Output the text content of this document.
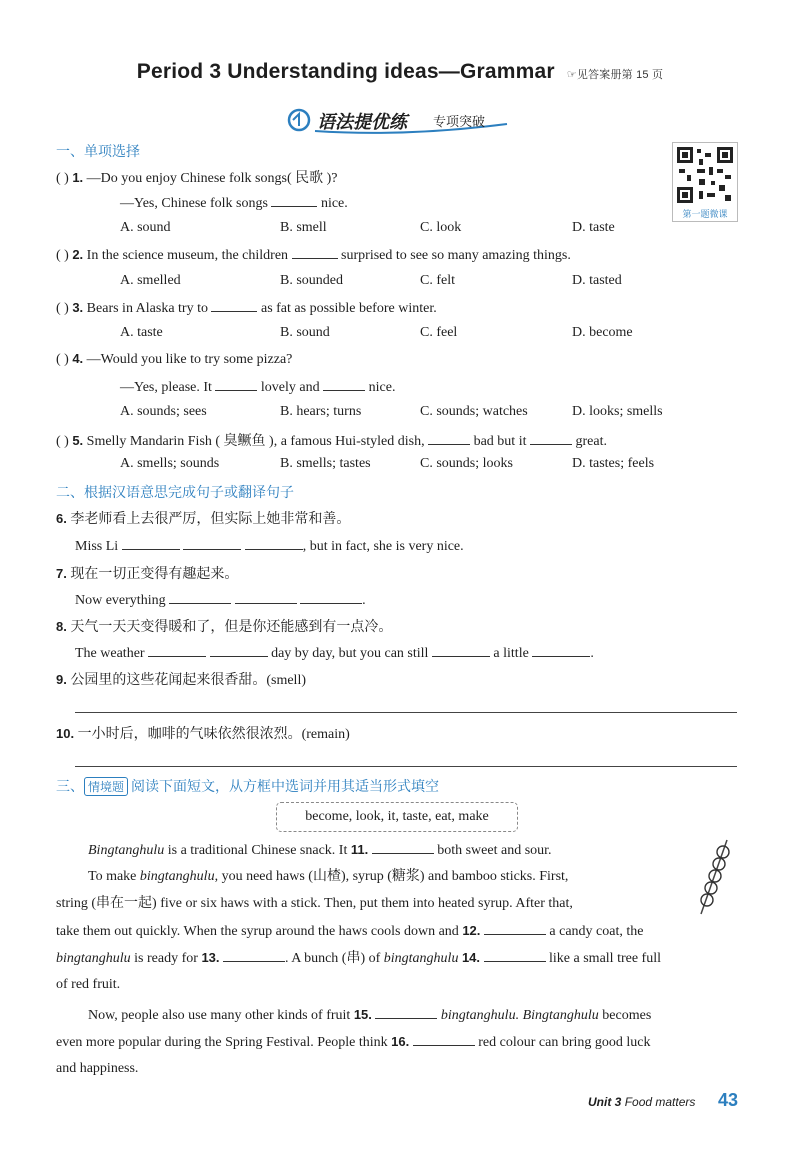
Period 3 Understanding ideas—Grammar ☞见答案册第 15 页
语法提优练 专项突破
第一题微课
一、单项选择
( ) 1. —Do you enjoy Chinese folk songs( 民歌 )?
—Yes, Chinese folk songs	nice.
A. sound	B. smell	C. look	D. taste
( ) 2. In the science museum, the children	surprised to see so many amazing things.
A. smelled	B. sounded	C. felt	D. tasted
( ) 3. Bears in Alaska try to	as fat as possible before winter.
A. taste	B. sound	C. feel	D. become
( ) 4. —Would you like to try some pizza?
—Yes, please. It	lovely and	nice.
A. sounds; sees	B. hears; turns	C. sounds; watches	D. looks; smells
( ) 5. Smelly Mandarin Fish ( 臭鳜鱼 ), a famous Hui-styled dish,	bad but it	great.
A. smells; sounds	B. smells; tastes	C. sounds; looks	D. tastes; feels
二、根据汉语意思完成句子或翻译句子
6. 李老师看上去很严厉，但实际上她非常和善。
Miss Li	, but in fact, she is very nice.
7. 现在一切正变得有趣起来。
Now everything	.
8. 天气一天天变得暖和了，但是你还能感到有一点冷。
The weather	day by day, but you can still	a little	.
9. 公园里的这些花闻起来很香甜。(smell)
10. 一小时后，咖啡的气味依然很浓烈。(remain)
三、 情境题 阅读下面短文，从方框中选词并用其适当形式填空
become, look, it, taste, eat, make
Bingtanghulu is a traditional Chinese snack. It 11.	both sweet and sour.
To make bingtanghulu, you need haws (山楂), syrup (糖浆) and bamboo sticks. First,
string (串在一起) five or six haws with a stick. Then, put them into heated syrup. After that,
take them out quickly. When the syrup around the haws cools down and 12.	a candy coat, the
bingtanghulu is ready for 13.	. A bunch (串) of bingtanghulu 14.	like a small tree full
of red fruit.
Now, people also use many other kinds of fruit 15.	bingtanghulu. Bingtanghulu becomes
even more popular during the Spring Festival. People think 16.	red colour can bring good luck
and happiness.
Unit 3 Food matters 43
